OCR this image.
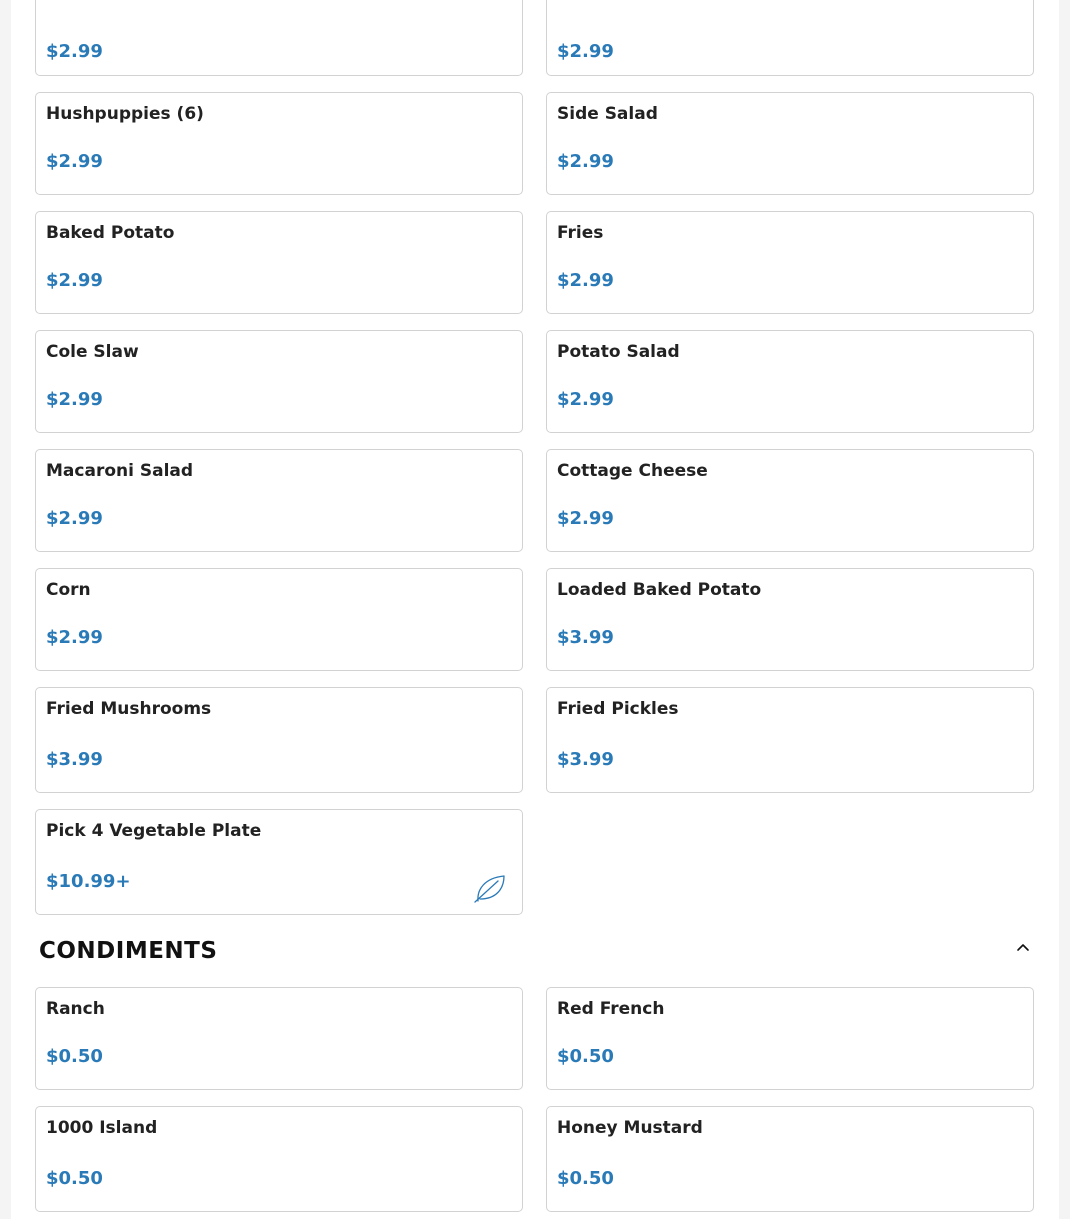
$2.99	$2.99
Hushpuppies (6)
$2.99
Side Salad
$2.99
Baked Potato
$2.99
Fries
$2.99
Cole Slaw
$2.99
Potato Salad
$2.99
Macaroni Salad
$2.99
Cottage Cheese
$2.99
Corn
$2.99
Loaded Baked Potato
$3.99
Fried Mushrooms
$3.99
Fried Pickles
$3.99
Pick 4 Vegetable Plate
$10.99+
CONDIMENTS
Ranch
$0.50
Red French
$0.50
1000 Island
$0.50
Honey Mustard
$0.50
